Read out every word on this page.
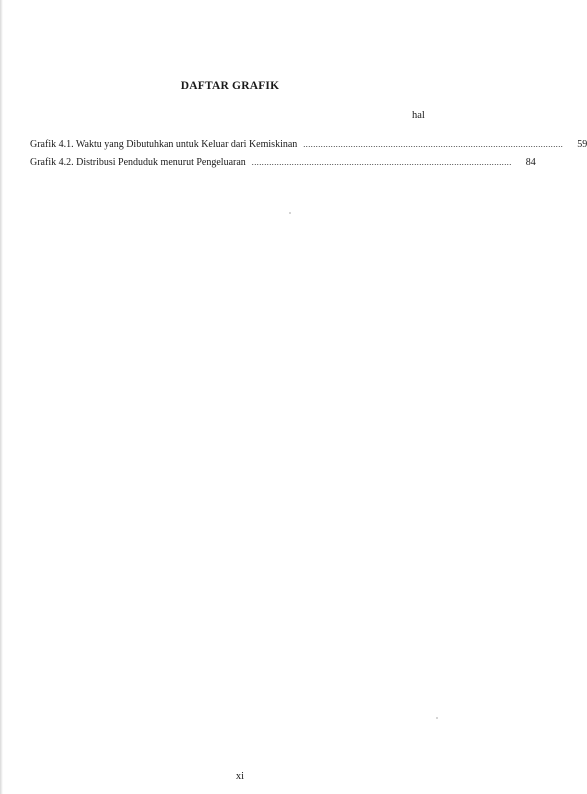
DAFTAR GRAFIK
hal
Grafik 4.1. Waktu yang Dibutuhkan untuk Keluar dari Kemiskinan ........................................................................................................	59
Grafik 4.2. Distribusi Penduduk menurut Pengeluaran ........................................................................................................	84
xi
